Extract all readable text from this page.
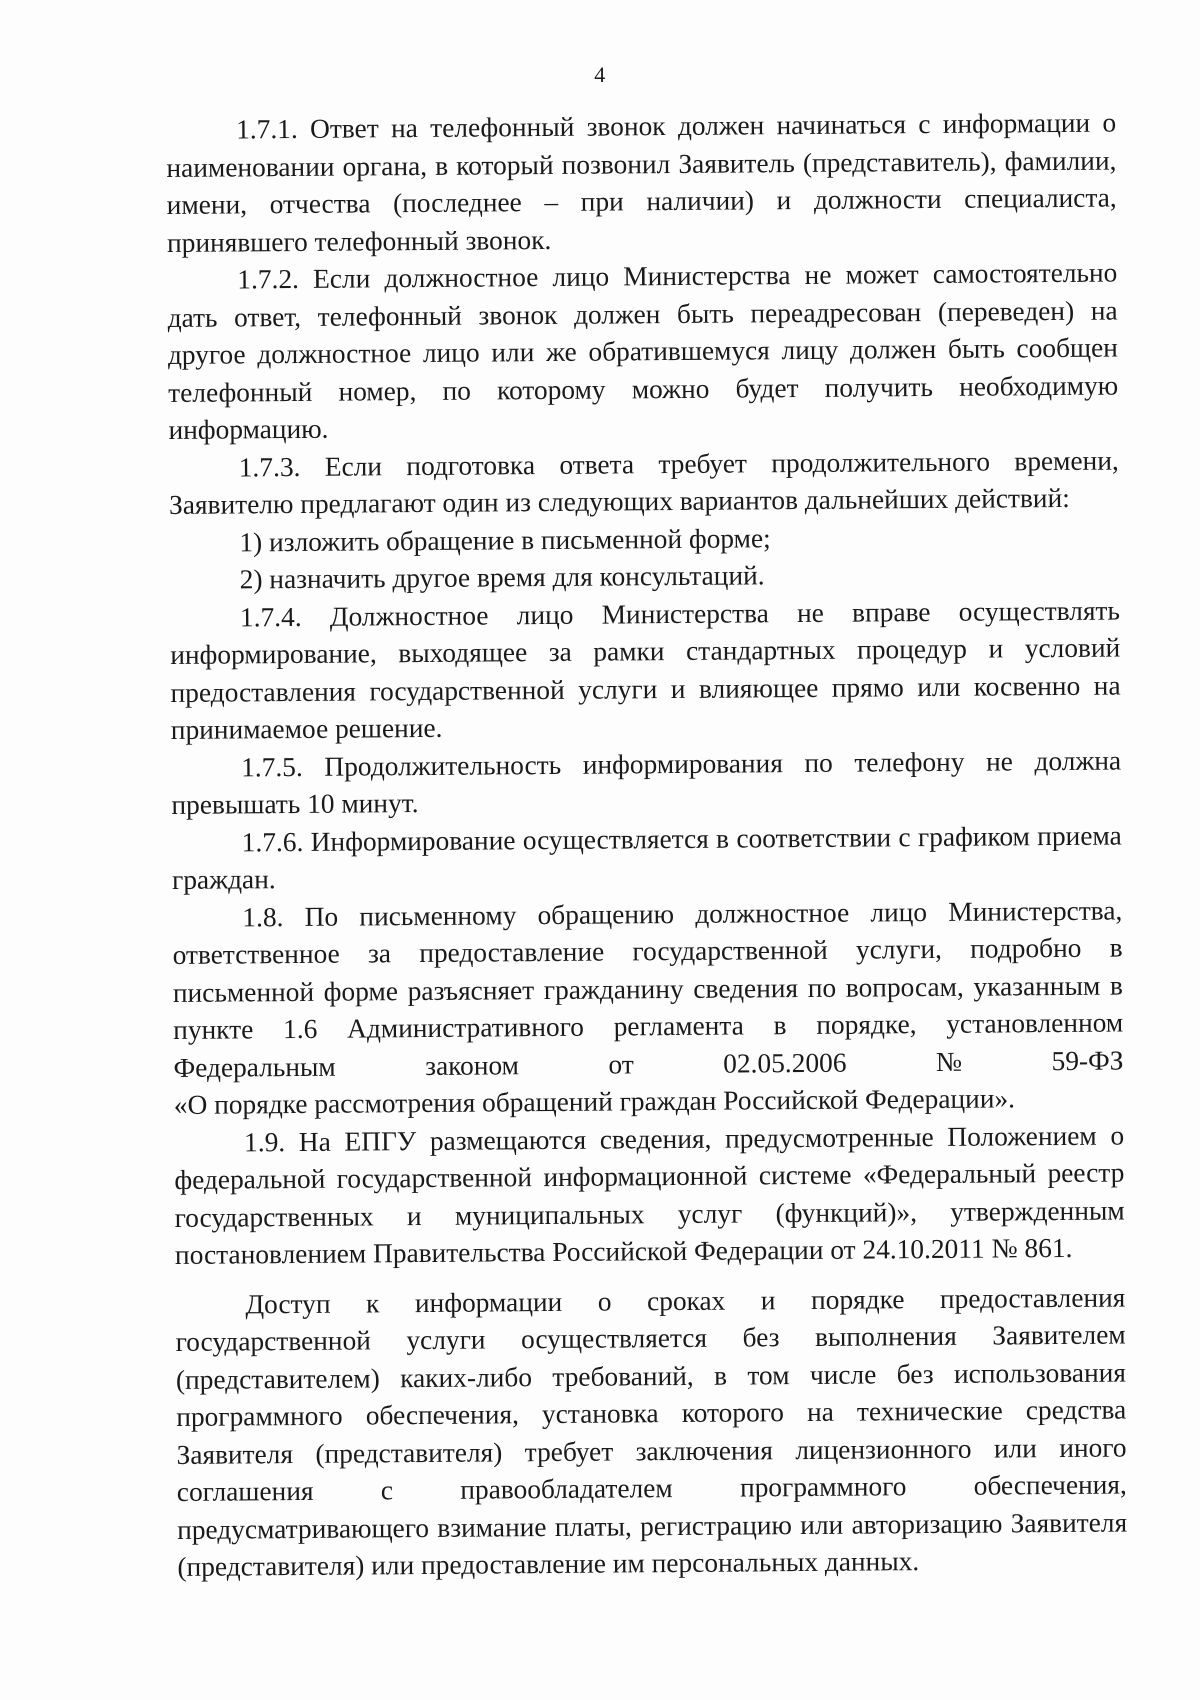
4

1.7.1. Ответ на телефонный звонок должен начинаться с информации о наименовании органа, в который позвонил Заявитель (представитель), фамилии, имени, отчества (последнее – при наличии) и должности специалиста, принявшего телефонный звонок.

1.7.2. Если должностное лицо Министерства не может самостоятельно дать ответ, телефонный звонок должен быть переадресован (переведен) на другое должностное лицо или же обратившемуся лицу должен быть сообщен телефонный номер, по которому можно будет получить необходимую информацию.

1.7.3. Если подготовка ответа требует продолжительного времени, Заявителю предлагают один из следующих вариантов дальнейших действий:

1) изложить обращение в письменной форме;

2) назначить другое время для консультаций.

1.7.4. Должностное лицо Министерства не вправе осуществлять информирование, выходящее за рамки стандартных процедур и условий предоставления государственной услуги и влияющее прямо или косвенно на принимаемое решение.

1.7.5. Продолжительность информирования по телефону не должна превышать 10 минут.

1.7.6. Информирование осуществляется в соответствии с графиком приема граждан.

1.8. По письменному обращению должностное лицо Министерства, ответственное за предоставление государственной услуги, подробно в письменной форме разъясняет гражданину сведения по вопросам, указанным в пункте 1.6 Административного регламента в порядке, установленном

Федеральным	законом	от	02.05.2006	№	59-ФЗ

«О порядке рассмотрения обращений граждан Российской Федерации».

1.9. На ЕПГУ размещаются сведения, предусмотренные Положением о федеральной государственной информационной системе «Федеральный реестр государственных и муниципальных услуг (функций)», утвержденным постановлением Правительства Российской Федерации от 24.10.2011 № 861.

Доступ к информации о сроках и порядке предоставления государственной услуги осуществляется без выполнения Заявителем (представителем) каких-либо требований, в том числе без использования программного обеспечения, установка которого на технические средства Заявителя (представителя) требует заключения лицензионного или иного соглашения с правообладателем программного обеспечения, предусматривающего взимание платы, регистрацию или авторизацию Заявителя (представителя) или предоставление им персональных данных.
